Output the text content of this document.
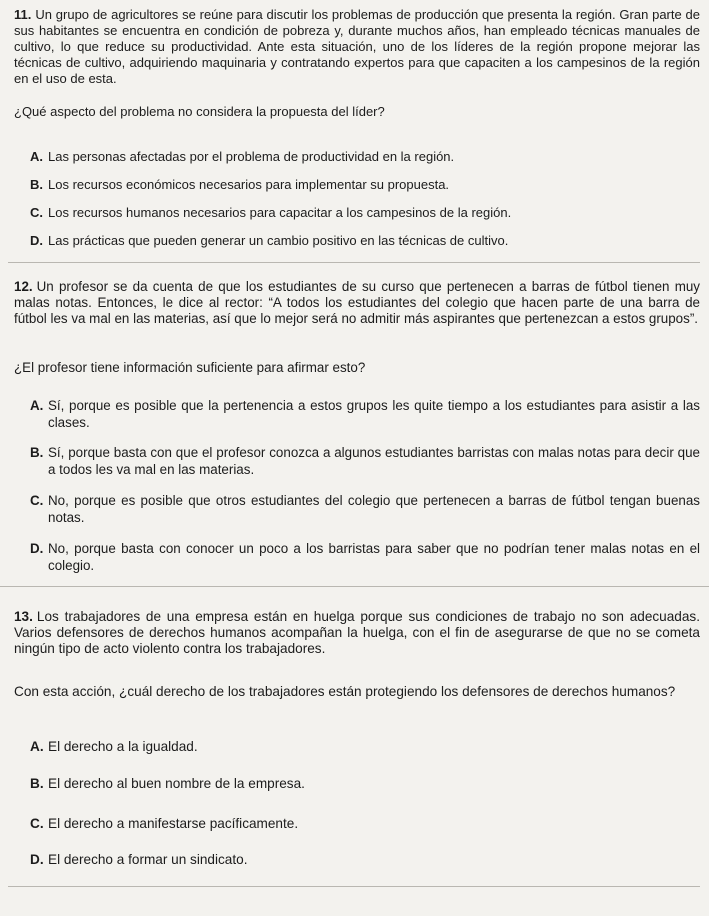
11. Un grupo de agricultores se reúne para discutir los problemas de producción que presenta la región. Gran parte de sus habitantes se encuentra en condición de pobreza y, durante muchos años, han empleado técnicas manuales de cultivo, lo que reduce su productividad. Ante esta situación, uno de los líderes de la región propone mejorar las técnicas de cultivo, adquiriendo maquinaria y contratando expertos para que capaciten a los campesinos de la región en el uso de esta.

¿Qué aspecto del problema no considera la propuesta del líder?

A. Las personas afectadas por el problema de productividad en la región.
B. Los recursos económicos necesarios para implementar su propuesta.
C. Los recursos humanos necesarios para capacitar a los campesinos de la región.
D. Las prácticas que pueden generar un cambio positivo en las técnicas de cultivo.

12. Un profesor se da cuenta de que los estudiantes de su curso que pertenecen a barras de fútbol tienen muy malas notas. Entonces, le dice al rector: “A todos los estudiantes del colegio que hacen parte de una barra de fútbol les va mal en las materias, así que lo mejor será no admitir más aspirantes que pertenezcan a estos grupos”.

¿El profesor tiene información suficiente para afirmar esto?

A. Sí, porque es posible que la pertenencia a estos grupos les quite tiempo a los estudiantes para asistir a las clases.
B. Sí, porque basta con que el profesor conozca a algunos estudiantes barristas con malas notas para decir que a todos les va mal en las materias.
C. No, porque es posible que otros estudiantes del colegio que pertenecen a barras de fútbol tengan buenas notas.
D. No, porque basta con conocer un poco a los barristas para saber que no podrían tener malas notas en el colegio.

13. Los trabajadores de una empresa están en huelga porque sus condiciones de trabajo no son adecuadas. Varios defensores de derechos humanos acompañan la huelga, con el fin de asegurarse de que no se cometa ningún tipo de acto violento contra los trabajadores.

Con esta acción, ¿cuál derecho de los trabajadores están protegiendo los defensores de derechos humanos?

A. El derecho a la igualdad.
B. El derecho al buen nombre de la empresa.
C. El derecho a manifestarse pacíficamente.
D. El derecho a formar un sindicato.
